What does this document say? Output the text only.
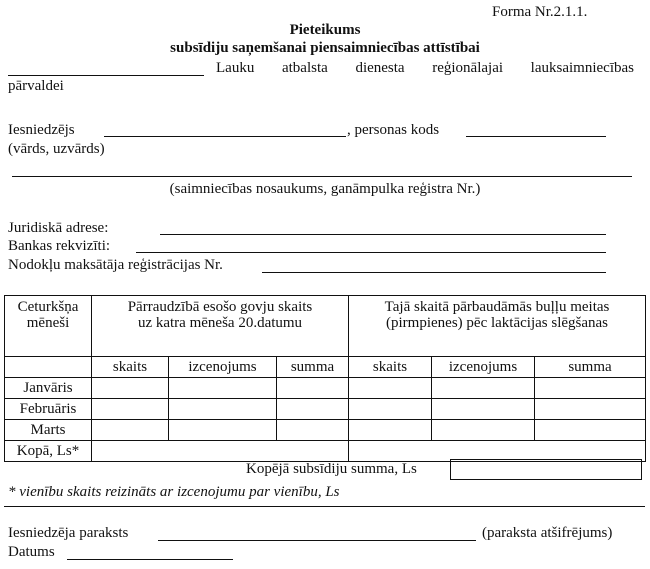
Forma Nr.2.1.1.
Pieteikums
subsīdiju saņemšanai piensaimniecības attīstībai
Lauku atbalsta dienesta reģionālajai lauksaimniecības
pārvaldei
Iesniedzējs	, personas kods
(vārds, uzvārds)
(saimniecības nosaukums, ganāmpulka reģistra Nr.)
Juridiskā adrese:
Bankas rekvizīti:
Nodokļu maksātāja reģistrācijas Nr.
Ceturkšņa mēneši	Pārraudzībā esošo govju skaits uz katra mēneša 20.datumu			Tajā skaitā pārbaudāmās buļļu meitas (pirmpienes) pēc laktācijas slēgšanas		
	skaits	izcenojums	summa	skaits	izcenojums	summa
Janvāris						
Februāris						
Marts						
Kopā, Ls*						
Kopējā subsīdiju summa, Ls
* vienību skaits reizināts ar izcenojumu par vienību, Ls
Iesniedzēja paraksts	(paraksta atšifrējums)
Datums
